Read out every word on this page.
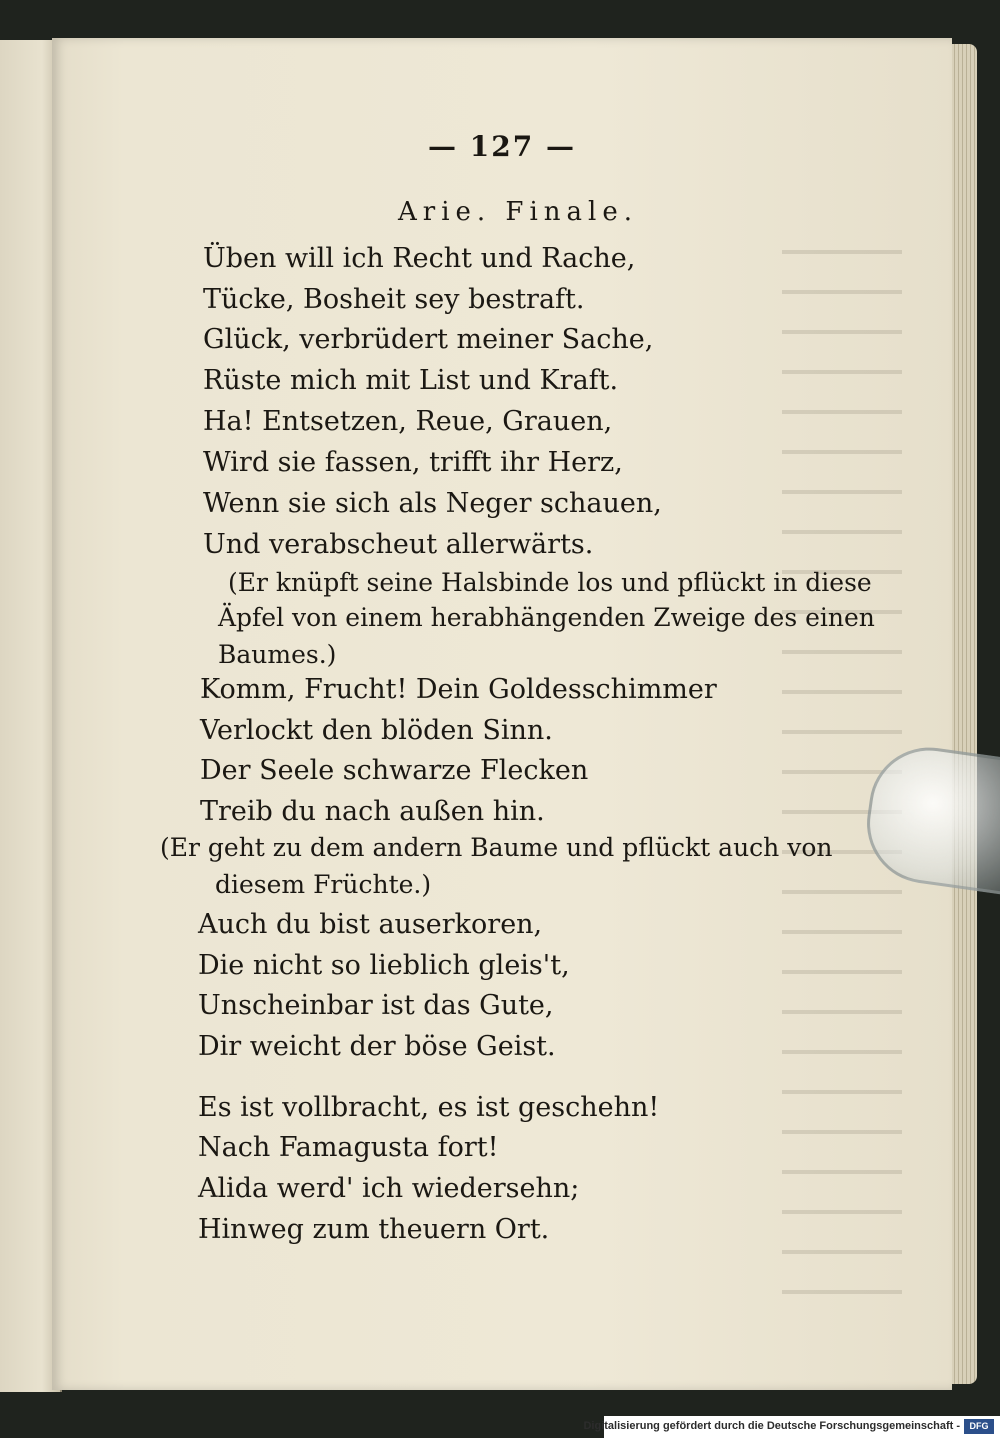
— 127 —
Arie. Finale.
Üben will ich Recht und Rache,
Tücke, Bosheit sey bestraft.
Glück, verbrüdert meiner Sache,
Rüste mich mit List und Kraft.
Ha! Entsetzen, Reue, Grauen,
Wird sie fassen, trifft ihr Herz,
Wenn sie sich als Neger schauen,
Und verabscheut allerwärts.
(Er knüpft seine Halsbinde los und pflückt in diese
Äpfel von einem herabhängenden Zweige des einen
Baumes.)
Komm, Frucht! Dein Goldesschimmer
Verlockt den blöden Sinn.
Der Seele schwarze Flecken
Treib du nach außen hin.
(Er geht zu dem andern Baume und pflückt auch von
diesem Früchte.)
Auch du bist auserkoren,
Die nicht so lieblich gleis't,
Unscheinbar ist das Gute,
Dir weicht der böse Geist.
Es ist vollbracht, es ist geschehn!
Nach Famagusta fort!
Alida werd' ich wiedersehn;
Hinweg zum theuern Ort.
Digitalisierung gefördert durch die Deutsche Forschungsgemeinschaft -	DFG
